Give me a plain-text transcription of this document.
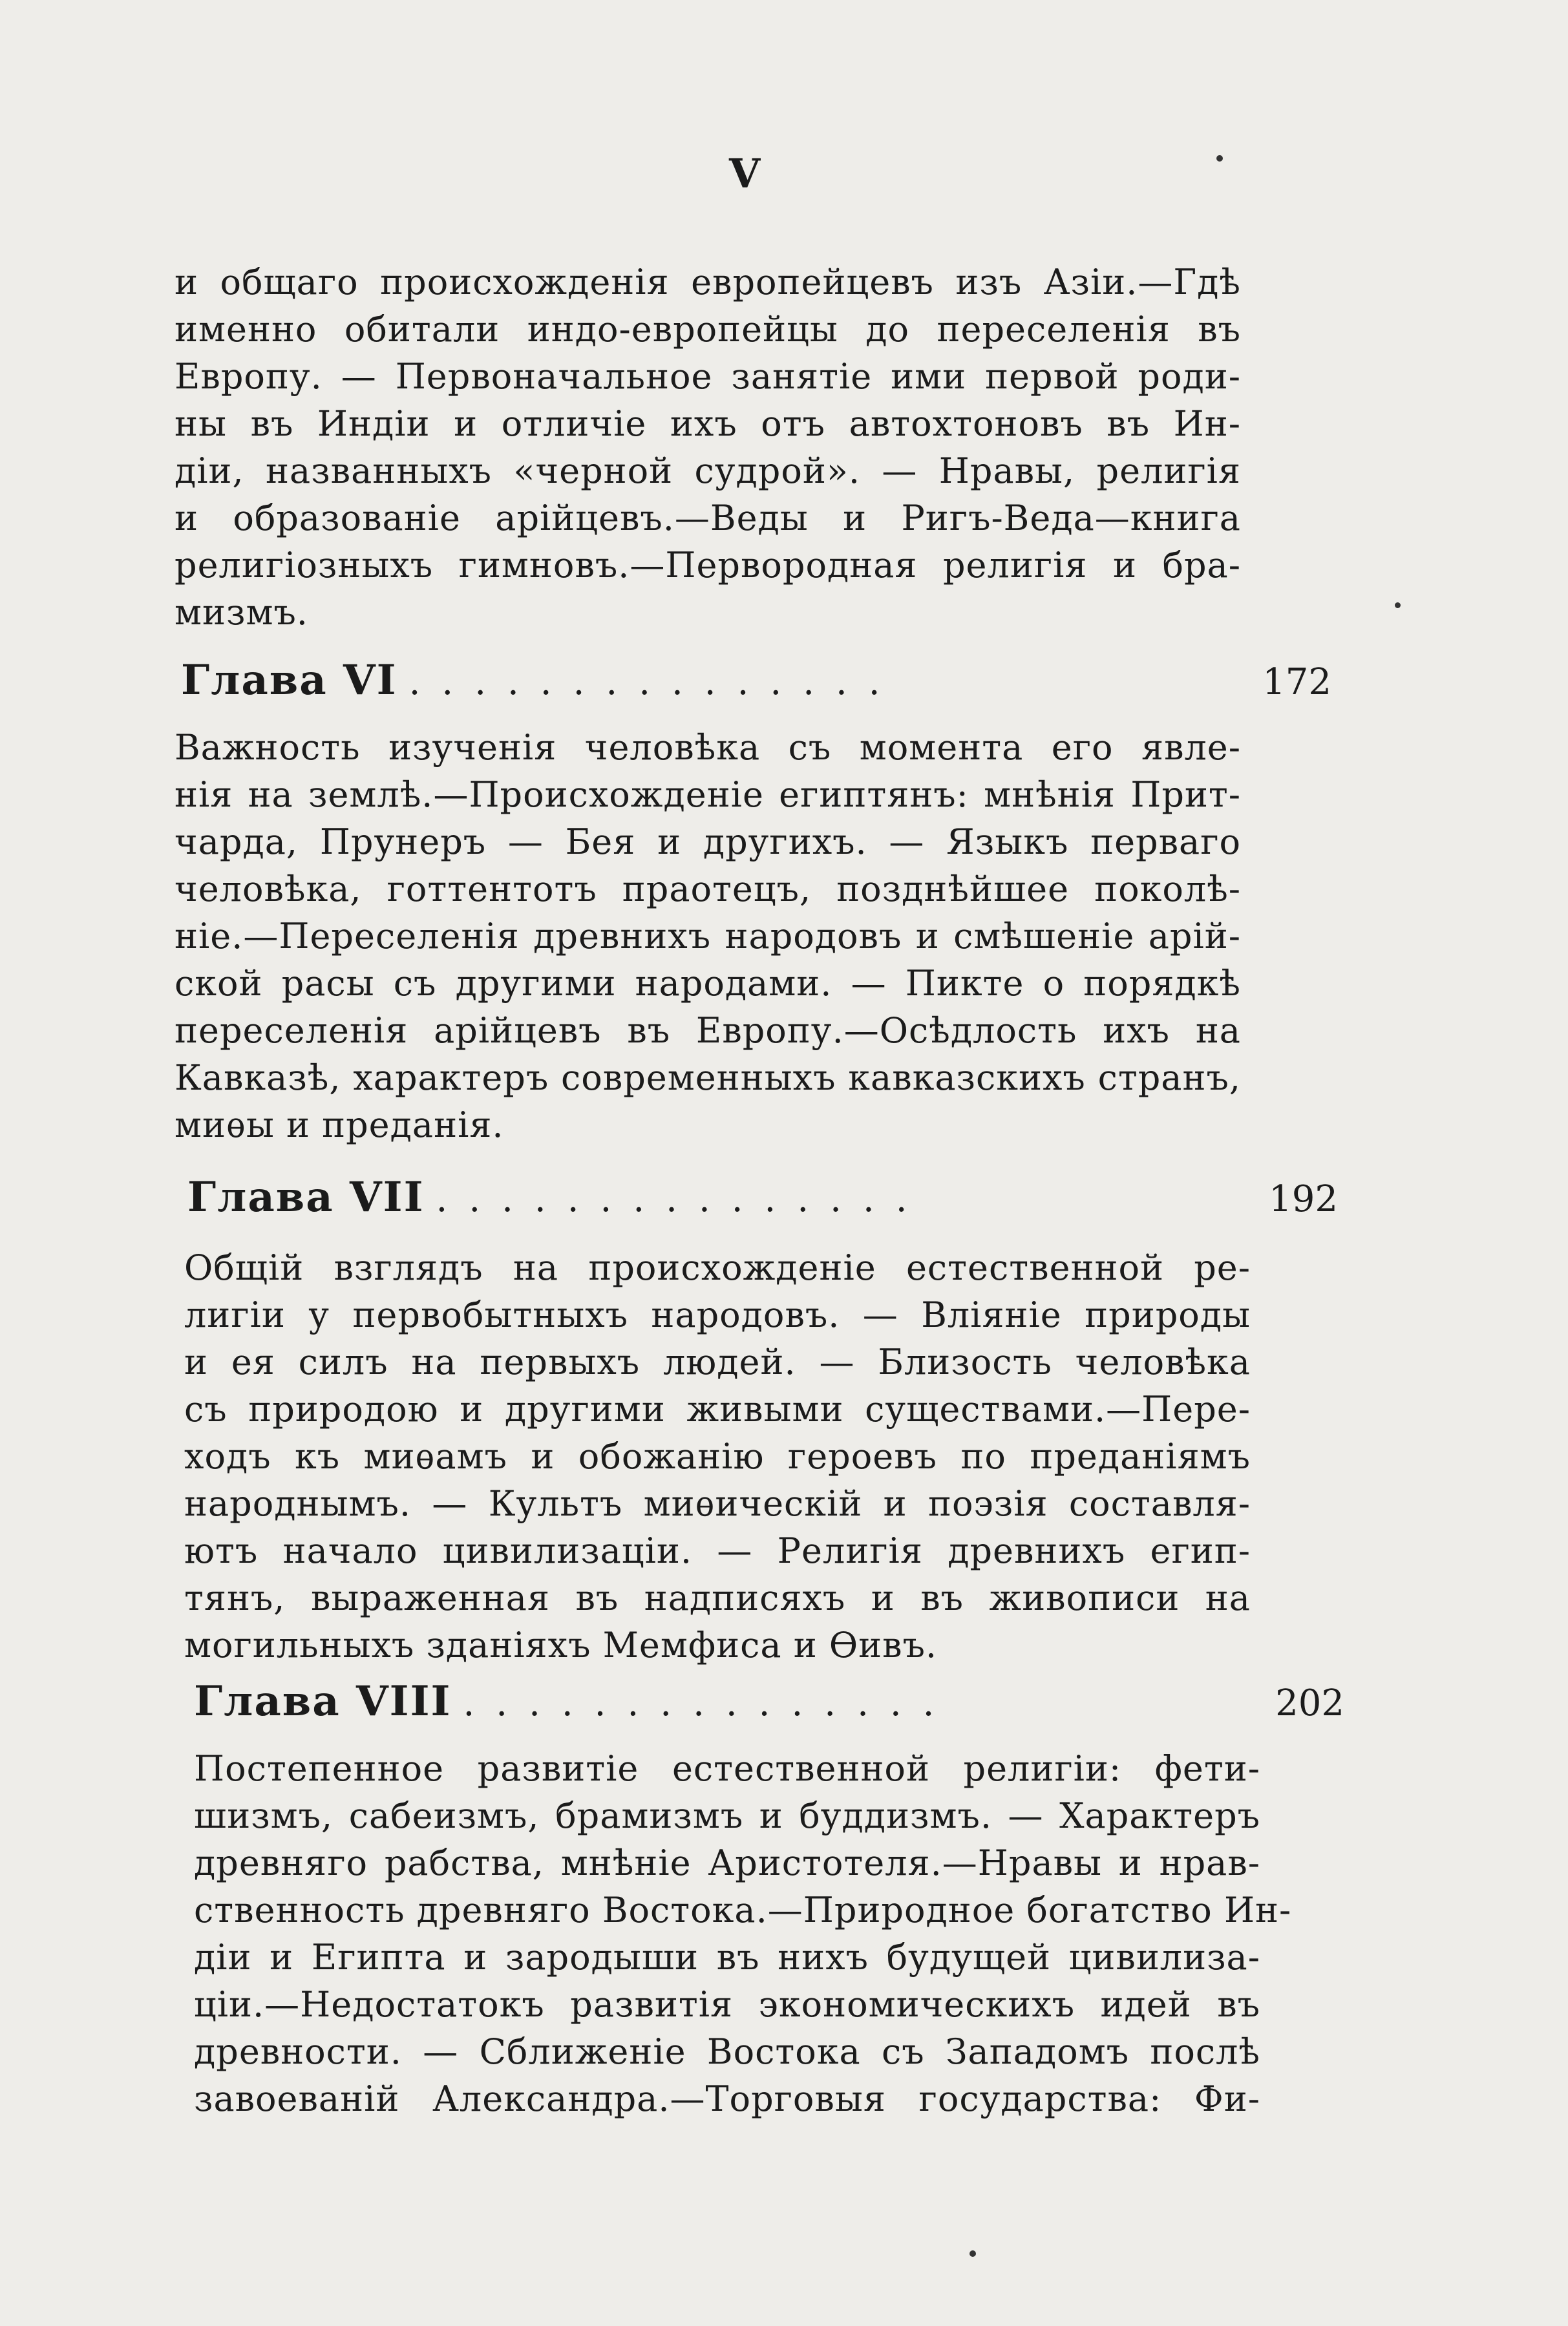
V
и общаго происхожденія европейцевъ изъ Азіи.—Гдѣ
именно обитали индо-европейцы до переселенія въ
Европу. — Первоначальное занятіе ими первой роди-
ны въ Индіи и отличіе ихъ отъ автохтоновъ въ Ин-
діи, названныхъ «черной судрой». — Нравы, религія
и образованіе арійцевъ.—Веды и Ригъ-Веда—книга
религіозныхъ гимновъ.—Первородная религія и бра-
мизмъ.
Глава VI ...............	172
Важность изученія человѣка съ момента его явле-
нія на землѣ.—Происхожденіе египтянъ: мнѣнія Прит-
чарда, Прунеръ — Бея и другихъ. — Языкъ перваго
человѣка, готтентотъ праотецъ, позднѣйшее поколѣ-
ніе.—Переселенія древнихъ народовъ и смѣшеніе арій-
ской расы съ другими народами. — Пикте о порядкѣ
переселенія арійцевъ въ Европу.—Осѣдлость ихъ на
Кавказѣ, характеръ современныхъ кавказскихъ странъ,
миѳы и преданія.
Глава VII ...............	192
Общій взглядъ на происхожденіе естественной ре-
лигіи у первобытныхъ народовъ. — Вліяніе природы
и ея силъ на первыхъ людей. — Близость человѣка
съ природою и другими живыми существами.—Пере-
ходъ къ миѳамъ и обожанію героевъ по преданіямъ
народнымъ. — Культъ миѳическій и поэзія составля-
ютъ начало цивилизаціи. — Религія древнихъ егип-
тянъ, выраженная въ надписяхъ и въ живописи на
могильныхъ зданіяхъ Мемфиса и Ѳивъ.
Глава VIII ...............	202
Постепенное развитіе естественной религіи: фети-
шизмъ, сабеизмъ, брамизмъ и буддизмъ. — Характеръ
древняго рабства, мнѣніе Аристотеля.—Нравы и нрав-
ственность древняго Востока.—Природное богатство Ин-
діи и Египта и зародыши въ нихъ будущей цивилиза-
ціи.—Недостатокъ развитія экономическихъ идей въ
древности. — Сближеніе Востока съ Западомъ послѣ
завоеваній Александра.—Торговыя государства: Фи-
